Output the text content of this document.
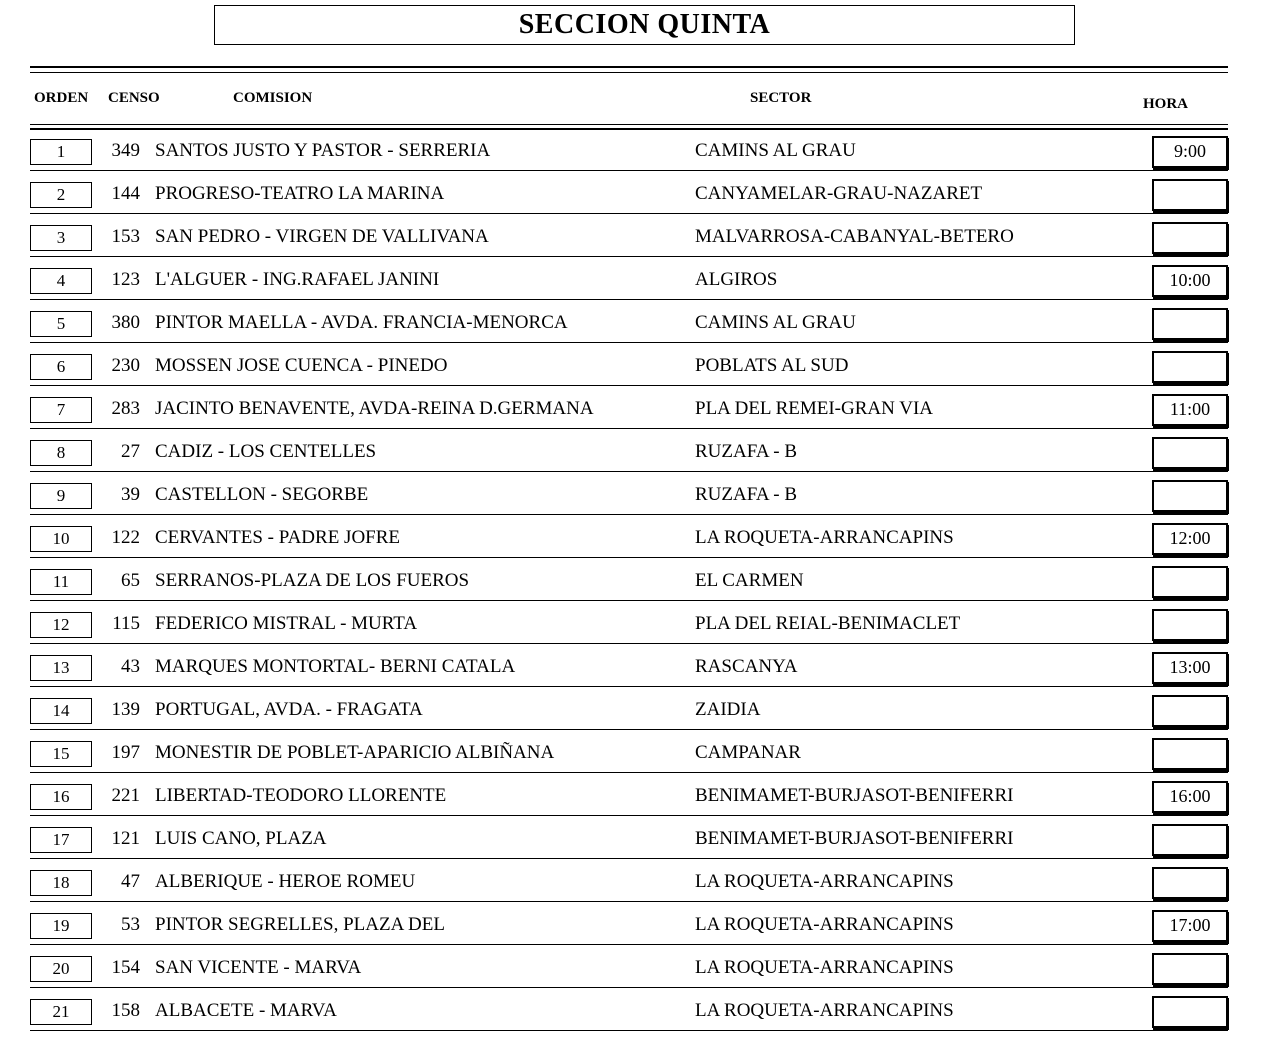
SECCION QUINTA
ORDEN CENSO	COMISION	SECTOR	HORA
1	349 SANTOS JUSTO Y PASTOR - SERRERIA	CAMINS AL GRAU	9:00
2	144 PROGRESO-TEATRO LA MARINA	CANYAMELAR-GRAU-NAZARET
3	153 SAN PEDRO - VIRGEN DE VALLIVANA	MALVARROSA-CABANYAL-BETERO
4	123 L'ALGUER - ING.RAFAEL JANINI	ALGIROS	10:00
5	380 PINTOR MAELLA - AVDA. FRANCIA-MENORCA	CAMINS AL GRAU
6	230 MOSSEN JOSE CUENCA - PINEDO	POBLATS AL SUD
7	283 JACINTO BENAVENTE, AVDA-REINA D.GERMANA	PLA DEL REMEI-GRAN VIA	11:00
8	27 CADIZ - LOS CENTELLES	RUZAFA - B
9	39 CASTELLON - SEGORBE	RUZAFA - B
10	122 CERVANTES - PADRE JOFRE	LA ROQUETA-ARRANCAPINS	12:00
11	65 SERRANOS-PLAZA DE LOS FUEROS	EL CARMEN
12	115 FEDERICO MISTRAL - MURTA	PLA DEL REIAL-BENIMACLET
13	43 MARQUES MONTORTAL- BERNI CATALA	RASCANYA	13:00
14	139 PORTUGAL, AVDA. - FRAGATA	ZAIDIA
15	197 MONESTIR DE POBLET-APARICIO ALBIÑANA	CAMPANAR
16	221 LIBERTAD-TEODORO LLORENTE	BENIMAMET-BURJASOT-BENIFERRI	16:00
17	121 LUIS CANO, PLAZA	BENIMAMET-BURJASOT-BENIFERRI
18	47 ALBERIQUE - HEROE ROMEU	LA ROQUETA-ARRANCAPINS
19	53 PINTOR SEGRELLES, PLAZA DEL	LA ROQUETA-ARRANCAPINS	17:00
20	154 SAN VICENTE - MARVA	LA ROQUETA-ARRANCAPINS
21	158 ALBACETE - MARVA	LA ROQUETA-ARRANCAPINS
